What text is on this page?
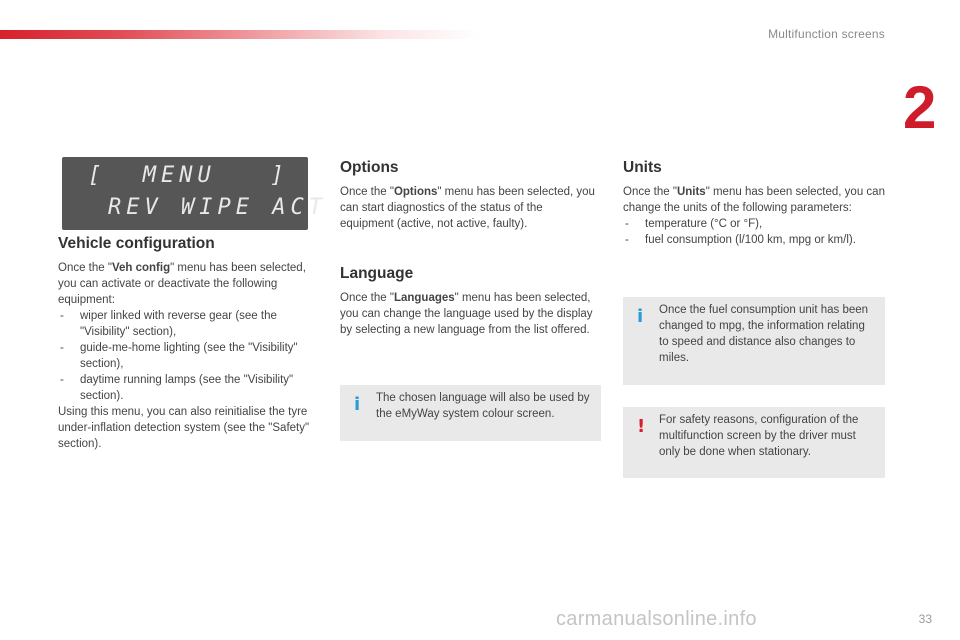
Multifunction screens
2
[  MENU   ]
REV WIPE ACT

Vehicle configuration

Once the "Veh config" menu has been selected, you can activate or deactivate the following equipment:

- wiper linked with reverse gear (see the "Visibility" section),

- guide-me-home lighting (see the "Visibility" section),

- daytime running lamps (see the "Visibility" section).

Using this menu, you can also reinitialise the tyre under-inflation detection system (see the "Safety" section).

Options

Once the "Options" menu has been selected, you can start diagnostics of the status of the equipment (active, not active, faulty).

Language

Once the "Languages" menu has been selected, you can change the language used by the display by selecting a new language from the list offered.

i The chosen language will also be used by the eMyWay system colour screen.

Units

Once the "Units" menu has been selected, you can change the units of the following parameters:

- temperature (°C or °F),

- fuel consumption (l/100 km, mpg or km/l).

i Once the fuel consumption unit has been changed to mpg, the information relating to speed and distance also changes to miles.
! For safety reasons, configuration of the multifunction screen by the driver must only be done when stationary.
carmanualsonline.info	33
